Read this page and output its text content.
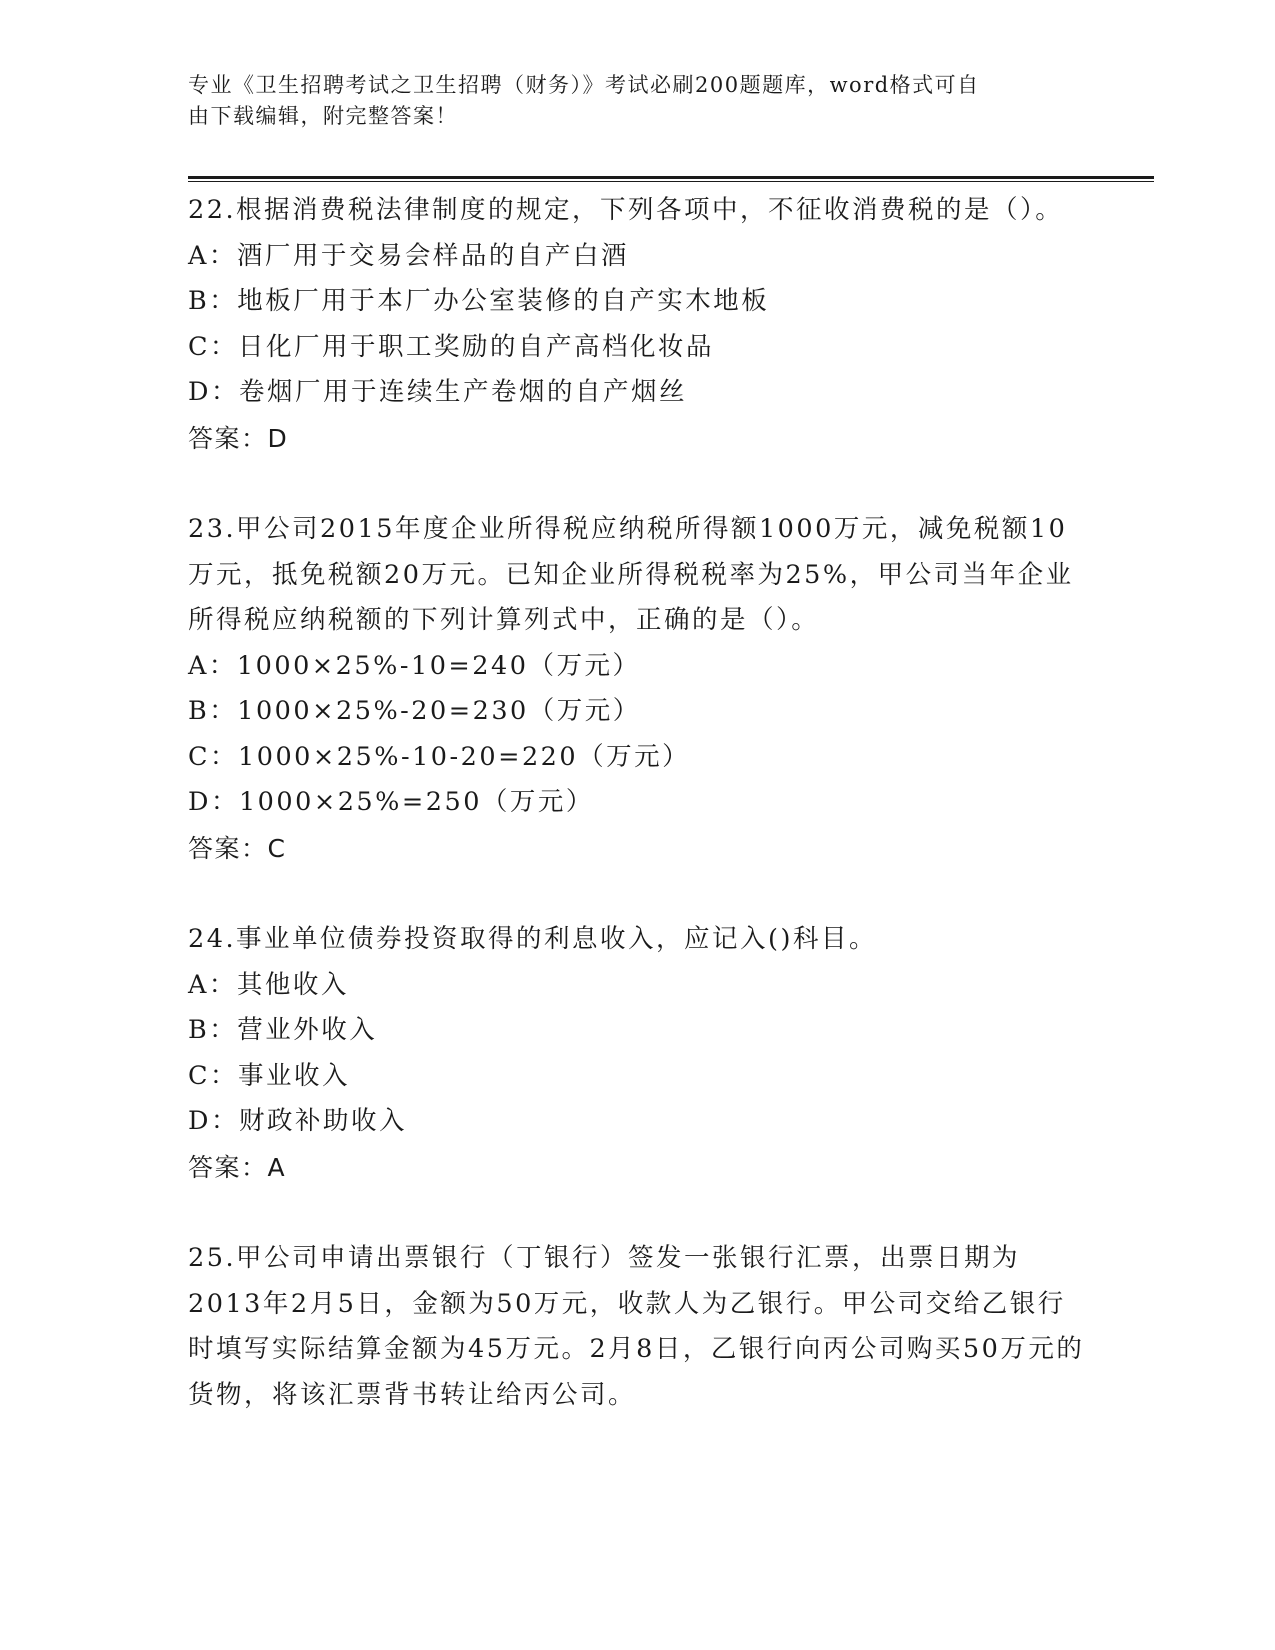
专业《卫生招聘考试之卫生招聘（财务）》考试必刷200题题库，word格式可自
由下载编辑，附完整答案！

22.根据消费税法律制度的规定，下列各项中，不征收消费税的是（）。

A：酒厂用于交易会样品的自产白酒

B：地板厂用于本厂办公室装修的自产实木地板

C：日化厂用于职工奖励的自产高档化妆品

D：卷烟厂用于连续生产卷烟的自产烟丝

答案：D

23.甲公司2015年度企业所得税应纳税所得额1000万元，减免税额10万元，抵免税额20万元。已知企业所得税税率为25%，甲公司当年企业所得税应纳税额的下列计算列式中，正确的是（）。

A：1000×25%-10=240（万元）

B：1000×25%-20=230（万元）

C：1000×25%-10-20=220（万元）

D：1000×25%=250（万元）

答案：C

24.事业单位债券投资取得的利息收入，应记入()科目。

A：其他收入

B：营业外收入

C：事业收入

D：财政补助收入

答案：A

25.甲公司申请出票银行（丁银行）签发一张银行汇票，出票日期为2013年2月5日，金额为50万元，收款人为乙银行。甲公司交给乙银行时填写实际结算金额为45万元。2月8日，乙银行向丙公司购买50万元的货物，将该汇票背书转让给丙公司。
